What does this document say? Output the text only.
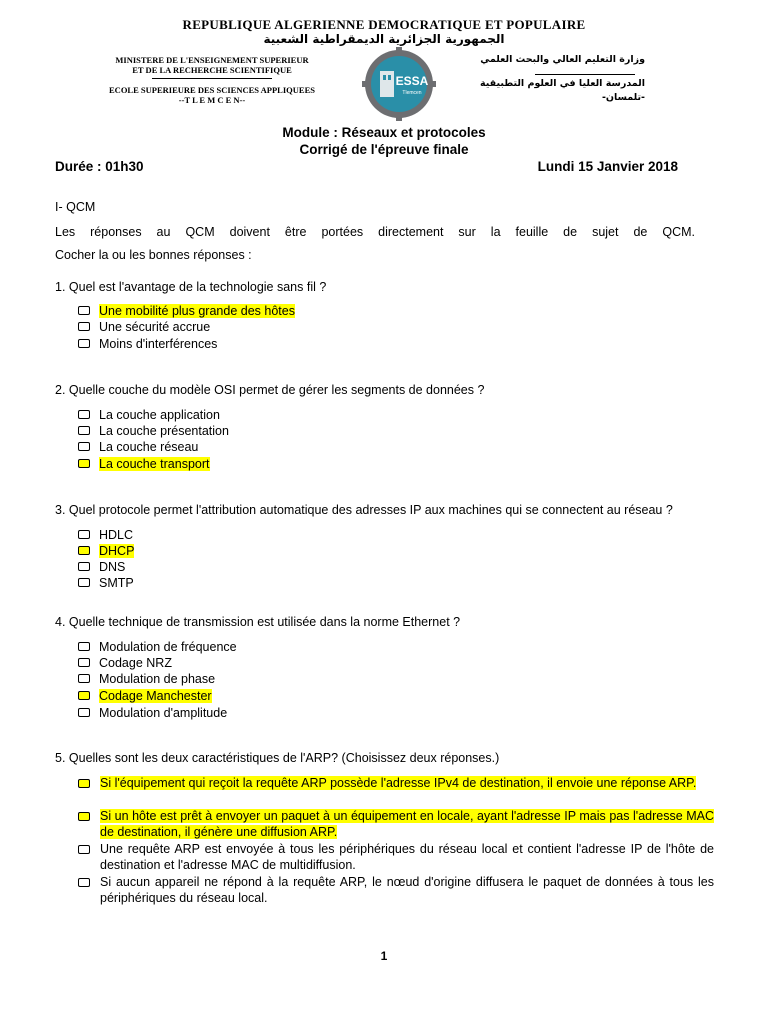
REPUBLIQUE ALGERIENNE DEMOCRATIQUE ET POPULAIRE
الجمهورية الجزائرية الديمقراطية الشعبية
MINISTERE DE L'ENSEIGNEMENT SUPERIEUR
ET DE LA RECHERCHE SCIENTIFIQUE
ECOLE SUPERIEURE DES SCIENCES APPLIQUEES
--T L E M C E N--
ESSA
Tlemcen
وزارة التعليم العالي والبحث العلمي
المدرسة العليا في العلوم التطبيقية
-تلمسان-
Module : Réseaux et protocoles
Corrigé de l'épreuve finale
Durée : 01h30	Lundi 15 Janvier 2018
I- QCM
Les réponses au QCM doivent être portées directement sur la feuille de sujet de QCM.
Cocher la ou les bonnes réponses :
1. Quel est l'avantage de la technologie sans fil ?
Une mobilité plus grande des hôtes
Une sécurité accrue
Moins d'interférences
2. Quelle couche du modèle OSI permet de gérer les segments de données ?
La couche application
La couche présentation
La couche réseau
La couche transport
3. Quel protocole permet l'attribution automatique des adresses IP aux machines qui se connectent au réseau ?
HDLC
DHCP
DNS
SMTP
4. Quelle technique de transmission est utilisée dans la norme Ethernet ?
Modulation de fréquence
Codage NRZ
Modulation de phase
Codage Manchester
Modulation d'amplitude
5. Quelles sont les deux caractéristiques de l'ARP? (Choisissez deux réponses.)
Si l'équipement qui reçoit la requête ARP possède l'adresse IPv4 de destination, il envoie une réponse ARP.
Si un hôte est prêt à envoyer un paquet à un équipement en locale, ayant l'adresse IP mais pas l'adresse MAC de destination, il génère une diffusion ARP.
Une requête ARP est envoyée à tous les périphériques du réseau local et contient l'adresse IP de l'hôte de destination et l'adresse MAC de multidiffusion.
Si aucun appareil ne répond à la requête ARP, le nœud d'origine diffusera le paquet de données à tous les périphériques du réseau local.
1
